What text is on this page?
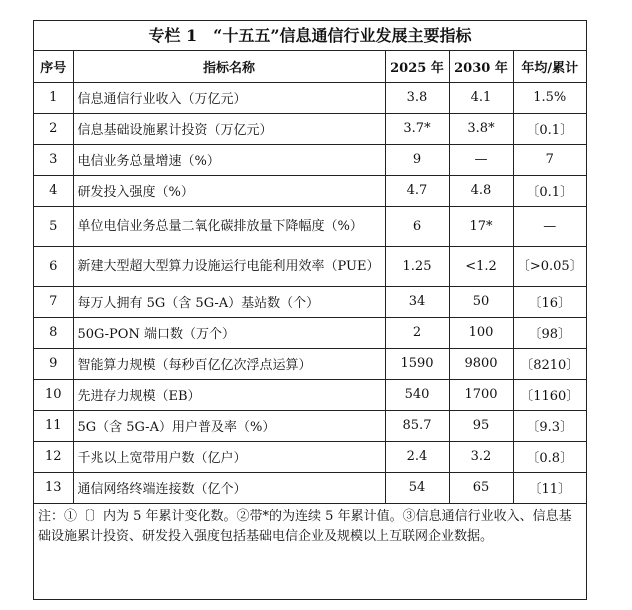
专栏 1　“十五五”信息通信行业发展主要指标
序号	指标名称	2025 年	2030 年	年均/累计
1	信息通信行业收入（万亿元）	3.8	4.1	1.5%
2	信息基础设施累计投资（万亿元）	3.7*	3.8*	〔0.1〕
3	电信业务总量增速（%）	9	—	7
4	研发投入强度（%）	4.7	4.8	〔0.1〕
5	单位电信业务总量二氧化碳排放量下降幅度（%）	6	17*	—
6	新建大型超大型算力设施运行电能利用效率（PUE）	1.25	<1.2	〔>0.05〕
7	每万人拥有 5G（含 5G-A）基站数（个）	34	50	〔16〕
8	50G-PON 端口数（万个）	2	100	〔98〕
9	智能算力规模（每秒百亿亿次浮点运算）	1590	9800	〔8210〕
10	先进存力规模（EB）	540	1700	〔1160〕
11	5G（含 5G-A）用户普及率（%）	85.7	95	〔9.3〕
12	千兆以上宽带用户数（亿户）	2.4	3.2	〔0.8〕
13	通信网络终端连接数（亿个）	54	65	〔11〕
注：①〔〕内为 5 年累计变化数。②带*的为连续 5 年累计值。③信息通信行业收入、信息基础设施累计投资、研发投入强度包括基础电信企业及规模以上互联网企业数据。
